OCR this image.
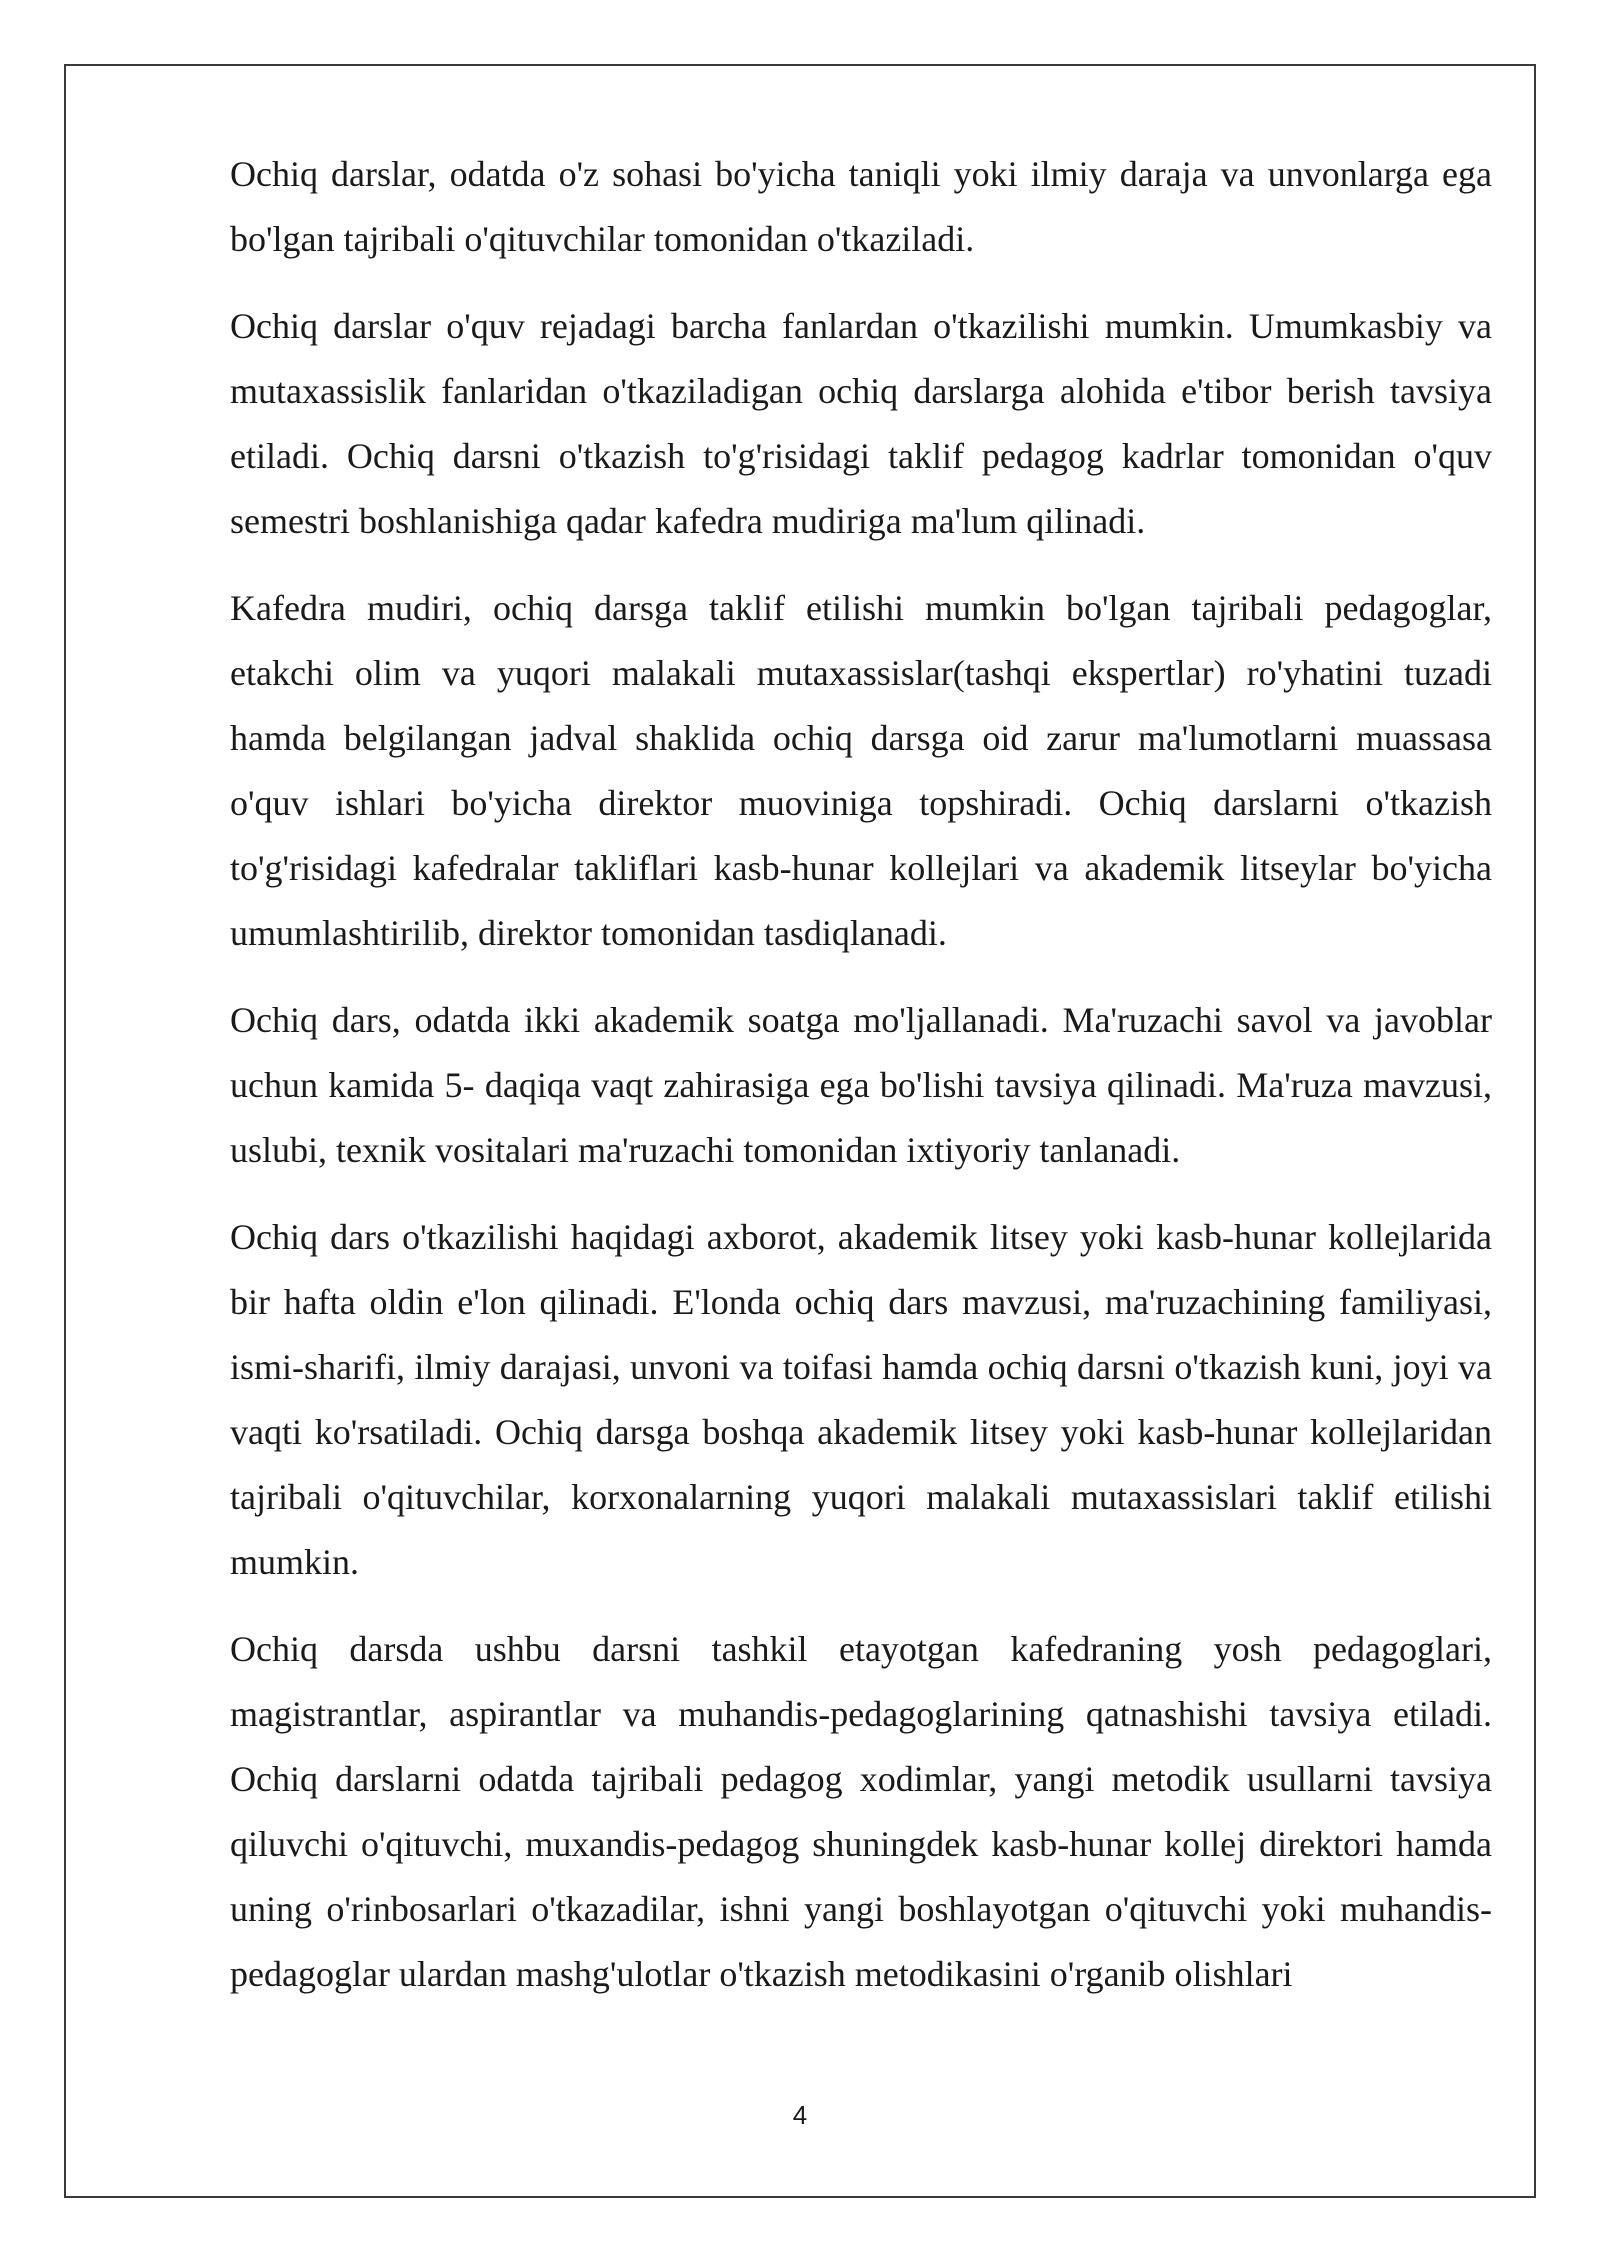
Ochiq darslar, odatda o'z sohasi bo'yicha taniqli yoki ilmiy daraja va unvonlarga ega bo'lgan tajribali o'qituvchilar tomonidan o'tkaziladi.

Ochiq darslar o'quv rejadagi barcha fanlardan o'tkazilishi mumkin. Umumkasbiy va mutaxassislik fanlaridan o'tkaziladigan ochiq darslarga alohida e'tibor berish tavsiya etiladi. Ochiq darsni o'tkazish to'g'risidagi taklif pedagog kadrlar tomonidan o'quv semestri boshlanishiga qadar kafedra mudiriga ma'lum qilinadi.

Kafedra mudiri, ochiq darsga taklif etilishi mumkin bo'lgan tajribali pedagoglar, etakchi olim va yuqori malakali mutaxassislar(tashqi ekspertlar) ro'yhatini tuzadi hamda belgilangan jadval shaklida ochiq darsga oid zarur ma'lumotlarni muassasa o'quv ishlari bo'yicha direktor muoviniga topshiradi. Ochiq darslarni o'tkazish to'g'risidagi kafedralar takliflari kasb-hunar kollejlari va akademik litseylar bo'yicha umumlashtirilib, direktor tomonidan tasdiqlanadi.

Ochiq dars, odatda ikki akademik soatga mo'ljallanadi. Ma'ruzachi savol va javoblar uchun kamida 5- daqiqa vaqt zahirasiga ega bo'lishi tavsiya qilinadi. Ma'ruza mavzusi, uslubi, texnik vositalari ma'ruzachi tomonidan ixtiyoriy tanlanadi.

Ochiq dars o'tkazilishi haqidagi axborot, akademik litsey yoki kasb-hunar kollejlarida bir hafta oldin e'lon qilinadi. E'londa ochiq dars mavzusi, ma'ruzachining familiyasi, ismi-sharifi, ilmiy darajasi, unvoni va toifasi hamda ochiq darsni o'tkazish kuni, joyi va vaqti ko'rsatiladi. Ochiq darsga boshqa akademik litsey yoki kasb-hunar kollejlaridan tajribali o'qituvchilar, korxonalarning yuqori malakali mutaxassislari taklif etilishi mumkin.

Ochiq darsda ushbu darsni tashkil etayotgan kafedraning yosh pedagoglari, magistrantlar, aspirantlar va muhandis-pedagoglarining qatnashishi tavsiya etiladi. Ochiq darslarni odatda tajribali pedagog xodimlar, yangi metodik usullarni tavsiya qiluvchi o'qituvchi, muxandis-pedagog shuningdek kasb-hunar kollej direktori hamda uning o'rinbosarlari o'tkazadilar, ishni yangi boshlayotgan o'qituvchi yoki muhandis-pedagoglar ulardan mashg'ulotlar o'tkazish metodikasini o'rganib olishlari

4
